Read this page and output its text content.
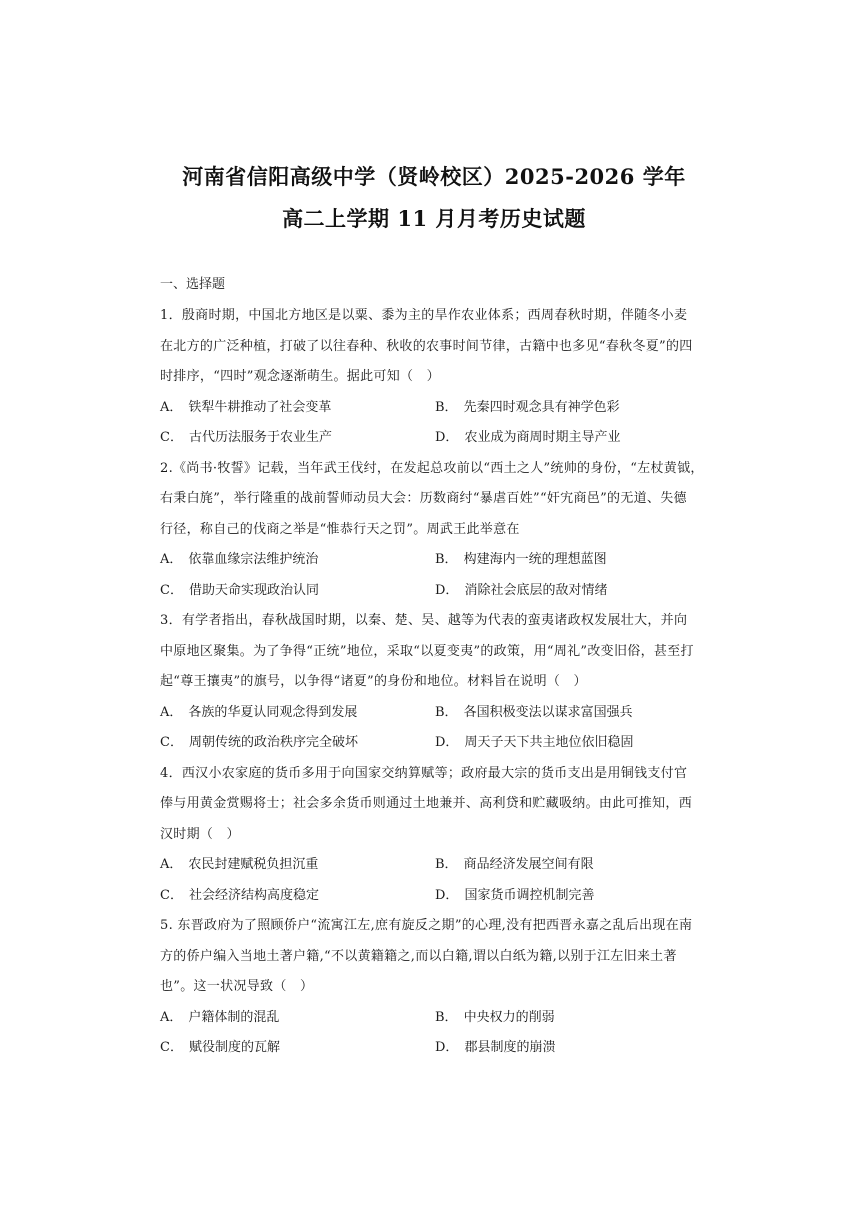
河南省信阳高级中学（贤岭校区）2025-2026 学年
高二上学期 11 月月考历史试题
一、选择题
1．殷商时期，中国北方地区是以粟、黍为主的旱作农业体系；西周春秋时期，伴随冬小麦
在北方的广泛种植，打破了以往春种、秋收的农事时间节律，古籍中也多见“春秋冬夏”的四
时排序，“四时”观念逐渐萌生。据此可知（　）
A． 铁犁牛耕推动了社会变革	B． 先秦四时观念具有神学色彩
C． 古代历法服务于农业生产	D． 农业成为商周时期主导产业
2.《尚书·牧誓》记载，当年武王伐纣，在发起总攻前以“西土之人”统帅的身份，“左杖黄钺，
右秉白旄”，举行隆重的战前誓师动员大会：历数商纣“暴虐百姓”“奸宄商邑”的无道、失德
行径，称自己的伐商之举是“惟恭行天之罚”。周武王此举意在
A． 依靠血缘宗法维护统治	B． 构建海内一统的理想蓝图
C． 借助天命实现政治认同	D． 消除社会底层的敌对情绪
3．有学者指出，春秋战国时期，以秦、楚、吴、越等为代表的蛮夷诸政权发展壮大，并向
中原地区聚集。为了争得“正统”地位，采取“以夏变夷”的政策，用“周礼”改变旧俗，甚至打
起“尊王攘夷”的旗号，以争得“诸夏”的身份和地位。材料旨在说明（　）
A． 各族的华夏认同观念得到发展	B． 各国积极变法以谋求富国强兵
C． 周朝传统的政治秩序完全破坏	D． 周天子天下共主地位依旧稳固
4．西汉小农家庭的货币多用于向国家交纳算赋等；政府最大宗的货币支出是用铜钱支付官
俸与用黄金赏赐将士；社会多余货币则通过土地兼并、高利贷和贮藏吸纳。由此可推知，西
汉时期（　）
A． 农民封建赋税负担沉重	B． 商品经济发展空间有限
C． 社会经济结构高度稳定	D． 国家货币调控机制完善
5. 东晋政府为了照顾侨户“流寓江左,庶有旋反之期”的心理,没有把西晋永嘉之乱后出现在南
方的侨户编入当地土著户籍,“不以黄籍籍之,而以白籍,谓以白纸为籍,以别于江左旧来土著
也”。这一状况导致（　）
A． 户籍体制的混乱	B． 中央权力的削弱
C． 赋役制度的瓦解	D． 郡县制度的崩溃
